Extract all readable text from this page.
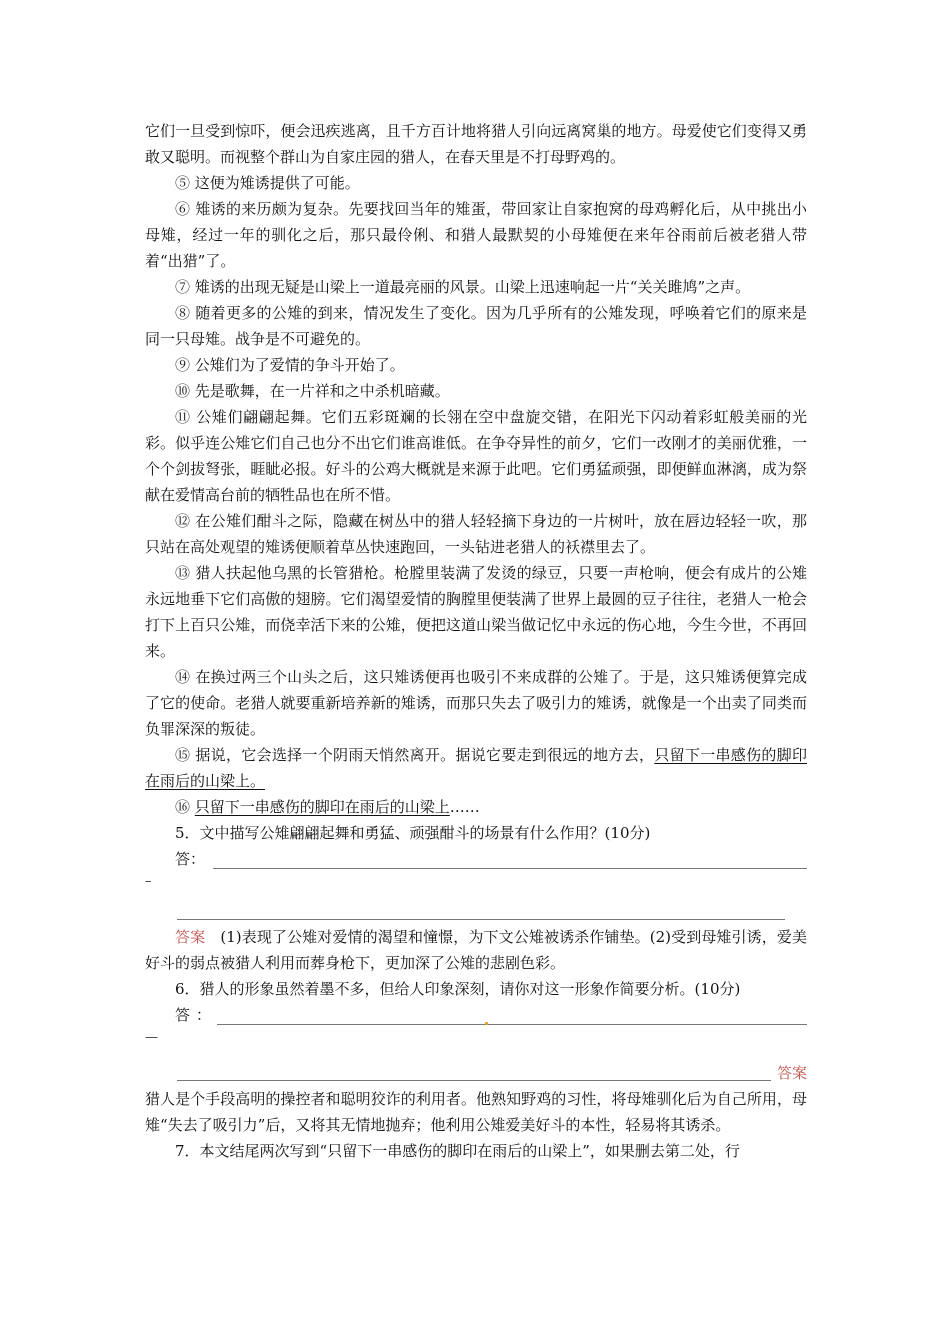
它们一旦受到惊吓，便会迅疾逃离，且千方百计地将猎人引向远离窝巢的地方。母爱使它们变得又勇敢又聪明。而视整个群山为自家庄园的猎人，在春天里是不打母野鸡的。

⑤ 这便为雉诱提供了可能。

⑥ 雉诱的来历颇为复杂。先要找回当年的雉蛋，带回家让自家抱窝的母鸡孵化后，从中挑出小母雉，经过一年的驯化之后，那只最伶俐、和猎人最默契的小母雉便在来年谷雨前后被老猎人带着“出猎”了。

⑦ 雉诱的出现无疑是山梁上一道最亮丽的风景。山梁上迅速响起一片“关关雎鸠”之声。

⑧ 随着更多的公雉的到来，情况发生了变化。因为几乎所有的公雉发现，呼唤着它们的原来是同一只母雉。战争是不可避免的。

⑨ 公雉们为了爱情的争斗开始了。

⑩ 先是歌舞，在一片祥和之中杀机暗藏。

⑪ 公雉们翩翩起舞。它们五彩斑斓的长翎在空中盘旋交错，在阳光下闪动着彩虹般美丽的光彩。似乎连公雉它们自己也分不出它们谁高谁低。在争夺异性的前夕，它们一改刚才的美丽优雅，一个个剑拔弩张，睚眦必报。好斗的公鸡大概就是来源于此吧。它们勇猛顽强，即便鲜血淋漓，成为祭献在爱情高台前的牺牲品也在所不惜。

⑫ 在公雉们酣斗之际，隐藏在树丛中的猎人轻轻摘下身边的一片树叶，放在唇边轻轻一吹，那只站在高处观望的雉诱便顺着草丛快速跑回，一头钻进老猎人的袄襟里去了。

⑬ 猎人扶起他乌黑的长管猎枪。枪膛里装满了发烫的绿豆，只要一声枪响，便会有成片的公雉永远地垂下它们高傲的翅膀。它们渴望爱情的胸膛里便装满了世界上最圆的豆子往往，老猎人一枪会打下上百只公雉，而侥幸活下来的公雉，便把这道山梁当做记忆中永远的伤心地，今生今世，不再回来。

⑭ 在换过两三个山头之后，这只雉诱便再也吸引不来成群的公雉了。于是，这只雉诱便算完成了它的使命。老猎人就要重新培养新的雉诱，而那只失去了吸引力的雉诱，就像是一个出卖了同类而负罪深深的叛徒。

⑮ 据说，它会选择一个阴雨天悄然离开。据说它要走到很远的地方去，只留下一串感伤的脚印在雨后的山梁上。

⑯ 只留下一串感伤的脚印在雨后的山梁上……

5．文中描写公雉翩翩起舞和勇猛、顽强酣斗的场景有什么作用？(10分)

答：
–

答案　(1)表现了公雉对爱情的渴望和憧憬，为下文公雉被诱杀作铺垫。(2)受到母雉引诱，爱美好斗的弱点被猎人利用而葬身枪下，更加深了公雉的悲剧色彩。

6．猎人的形象虽然着墨不多，但给人印象深刻，请你对这一形象作简要分析。(10分)

答：
—
答案

猎人是个手段高明的操控者和聪明狡诈的利用者。他熟知野鸡的习性，将母雉驯化后为自己所用，母雉“失去了吸引力”后，又将其无情地抛弃；他利用公雉爱美好斗的本性，轻易将其诱杀。

7．本文结尾两次写到“只留下一串感伤的脚印在雨后的山梁上”，如果删去第二处，行
